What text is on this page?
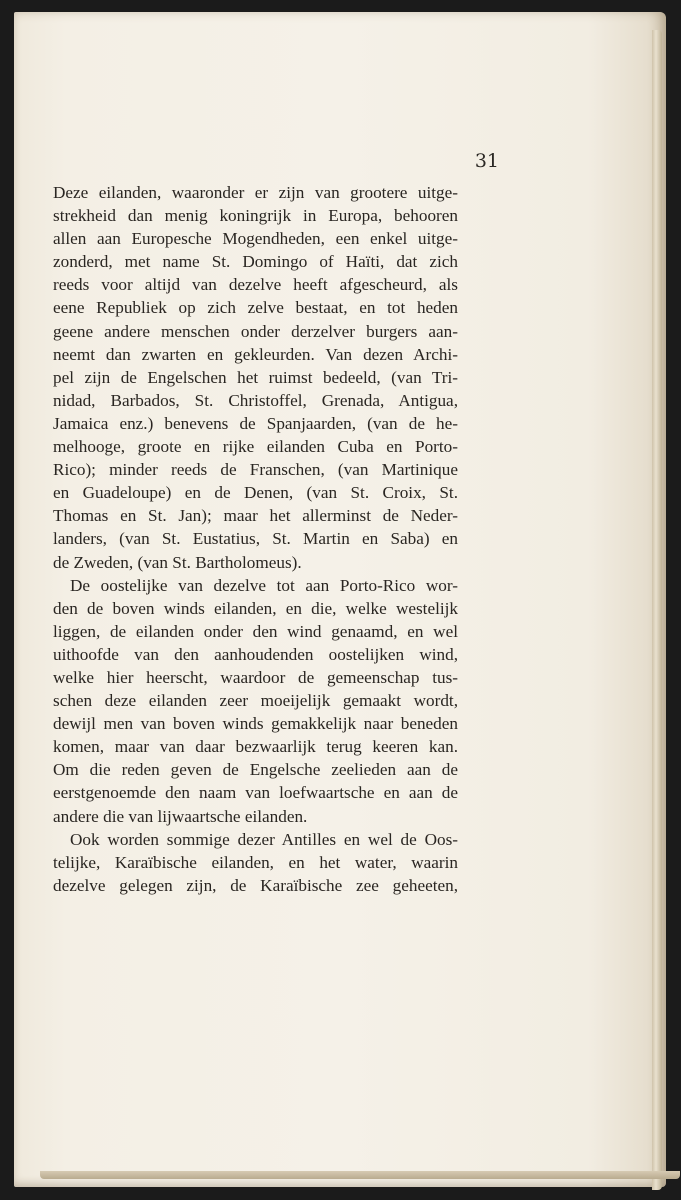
31
Deze eilanden, waaronder er zijn van grootere uitge-
strekheid dan menig koningrijk in Europa, behooren
allen aan Europesche Mogendheden, een enkel uitge-
zonderd, met name St. Domingo of Haïti, dat zich
reeds voor altijd van dezelve heeft afgescheurd, als
eene Republiek op zich zelve bestaat, en tot heden
geene andere menschen onder derzelver burgers aan-
neemt dan zwarten en gekleurden. Van dezen Archi-
pel zijn de Engelschen het ruimst bedeeld, (van Tri-
nidad, Barbados, St. Christoffel, Grenada, Antigua,
Jamaica enz.) benevens de Spanjaarden, (van de he-
melhooge, groote en rijke eilanden Cuba en Porto-
Rico); minder reeds de Franschen, (van Martinique
en Guadeloupe) en de Denen, (van St. Croix, St.
Thomas en St. Jan); maar het allerminst de Neder-
landers, (van St. Eustatius, St. Martin en Saba) en
de Zweden, (van St. Bartholomeus).
De oostelijke van dezelve tot aan Porto-Rico wor-
den de boven winds eilanden, en die, welke westelijk
liggen, de eilanden onder den wind genaamd, en wel
uithoofde van den aanhoudenden oostelijken wind,
welke hier heerscht, waardoor de gemeenschap tus-
schen deze eilanden zeer moeijelijk gemaakt wordt,
dewijl men van boven winds gemakkelijk naar beneden
komen, maar van daar bezwaarlijk terug keeren kan.
Om die reden geven de Engelsche zeelieden aan de
eerstgenoemde den naam van loefwaartsche en aan de
andere die van lijwaartsche eilanden.
Ook worden sommige dezer Antilles en wel de Oos-
telijke, Karaïbische eilanden, en het water, waarin
dezelve gelegen zijn, de Karaïbische zee geheeten,
